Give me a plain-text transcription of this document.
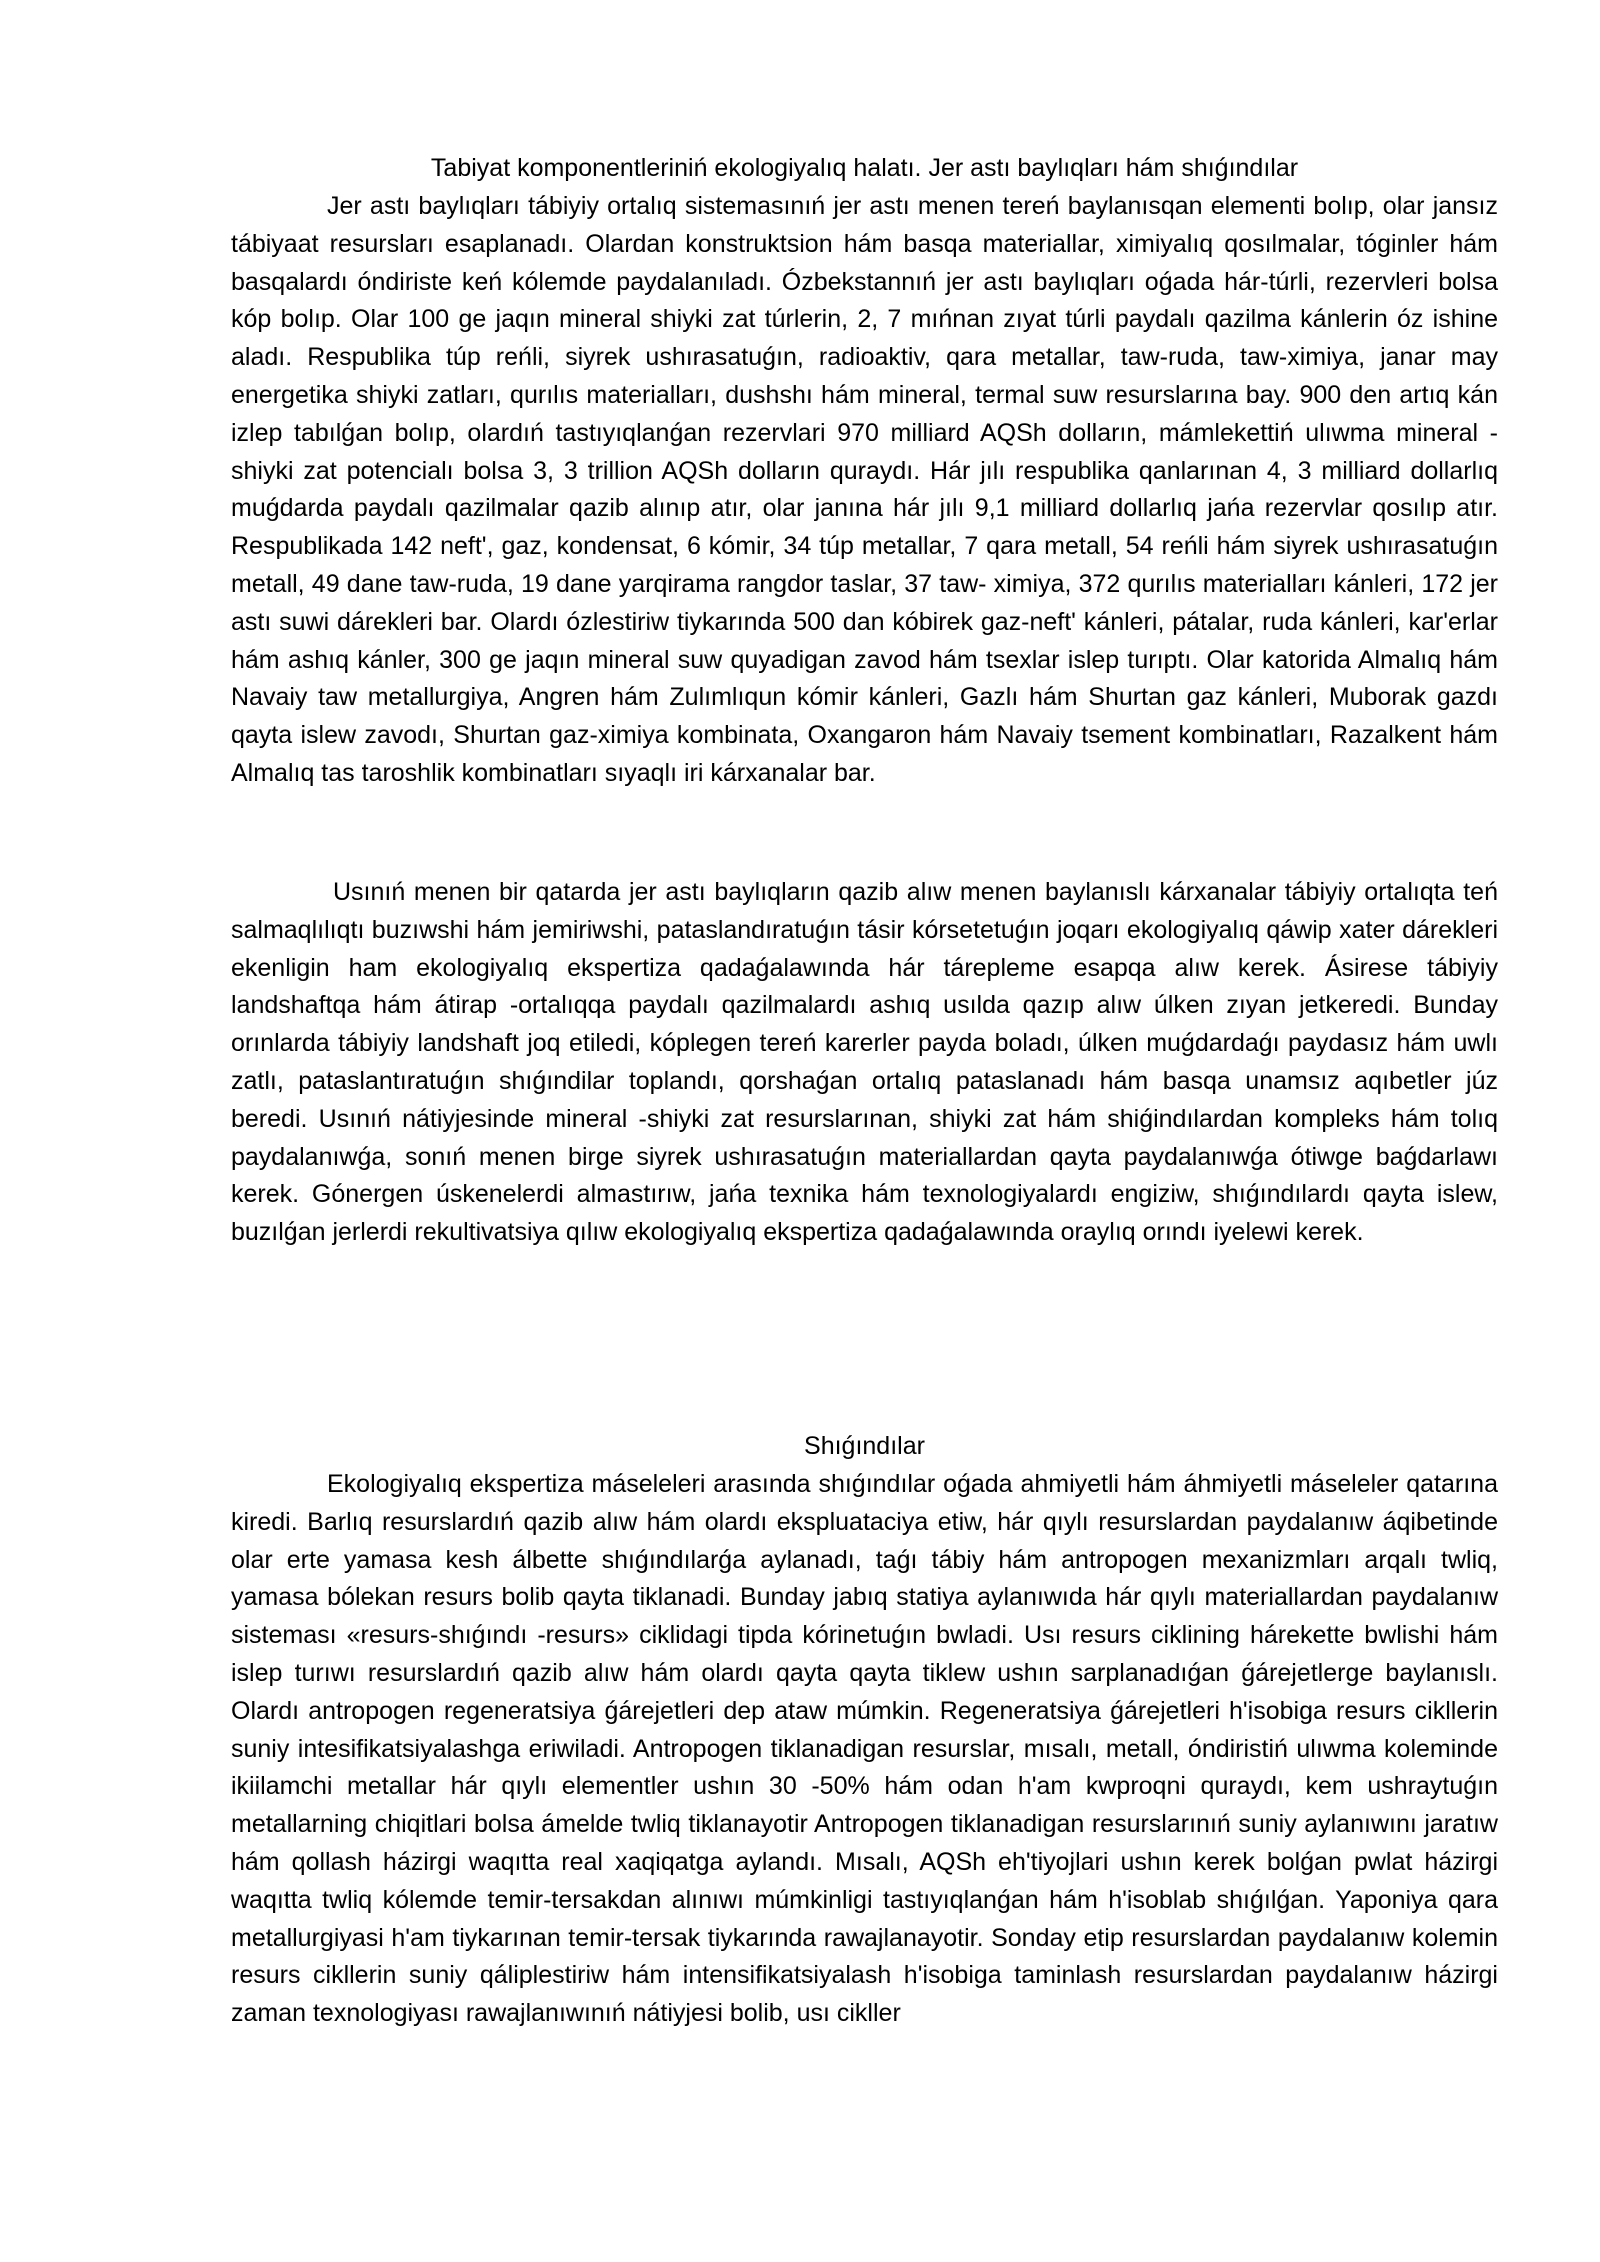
Tabiyat komponentleriniń ekologiyalıq halatı. Jer astı baylıqları hám shıǵındılar

Jer astı baylıqları tábiyiy ortalıq sistemasınıń jer astı menen tereń baylanısqan elementi bolıp, olar jansız tábiyaat resursları esaplanadı. Olardan konstruktsion hám basqa materiallar, ximiyalıq qosılmalar, tóginler hám basqalardı óndiriste keń kólemde paydalanıladı. Ózbekstannıń jer astı baylıqları oǵada hár-túrli, rezervleri bolsa kóp bolıp. Olar 100 ge jaqın mineral shiyki zat túrlerin, 2, 7 mıńnan zıyat túrli paydalı qazilma kánlerin óz ishine aladı. Respublika túp reńli, siyrek ushırasatuǵın, radioaktiv, qara metallar, taw-ruda, taw-ximiya, janar may energetika shiyki zatları, qurılıs materialları, dushshı hám mineral, termal suw resurslarına bay. 900 den artıq kán izlep tabılǵan bolıp, olardıń tastıyıqlanǵan rezervlari 970 milliard AQSh dolların, mámlekettiń ulıwma mineral -shiyki zat potencialı bolsa 3, 3 trillion AQSh dolların quraydı. Hár jılı respublika qanlarınan 4, 3 milliard dollarlıq muǵdarda paydalı qazilmalar qazib alınıp atır, olar janına hár jılı 9,1 milliard dollarlıq jańa rezervlar qosılıp atır. Respublikada 142 neft', gaz, kondensat, 6 kómir, 34 túp metallar, 7 qara metall, 54 reńli hám siyrek ushırasatuǵın metall, 49 dane taw-ruda, 19 dane yarqirama rangdor taslar, 37 taw- ximiya, 372 qurılıs materialları kánleri, 172 jer astı suwi dárekleri bar. Olardı ózlestiriw tiykarında 500 dan kóbirek gaz-neft' kánleri, pátalar, ruda kánleri, kar'erlar hám ashıq kánler, 300 ge jaqın mineral suw quyadigan zavod hám tsexlar islep turıptı. Olar katorida Almalıq hám Navaiy taw metallurgiya, Angren hám Zulımlıqun kómir kánleri, Gazlı hám Shurtan gaz kánleri, Muborak gazdı qayta islew zavodı, Shurtan gaz-ximiya kombinata, Oxangaron hám Navaiy tsement kombinatları, Razalkent hám Almalıq tas taroshlik kombinatları sıyaqlı iri kárxanalar bar.

Usınıń menen bir qatarda jer astı baylıqların qazib alıw menen baylanıslı kárxanalar tábiyiy ortalıqta teń salmaqlılıqtı buzıwshi hám jemiriwshi, pataslandıratuǵın tásir kórsetetuǵın joqarı ekologiyalıq qáwip xater dárekleri ekenligin ham ekologiyalıq ekspertiza qadaǵalawında hár tárepleme esapqa alıw kerek. Ásirese tábiyiy landshaftqa hám átirap -ortalıqqa paydalı qazilmalardı ashıq usılda qazıp alıw úlken zıyan jetkeredi. Bunday orınlarda tábiyiy landshaft joq etiledi, kóplegen tereń karerler payda boladı, úlken muǵdardaǵı paydasız hám uwlı zatlı, pataslantıratuǵın shıǵındilar toplandı, qorshaǵan ortalıq pataslanadı hám basqa unamsız aqıbetler júz beredi. Usınıń nátiyjesinde mineral -shiyki zat resurslarınan, shiyki zat hám shiǵindılardan kompleks hám tolıq paydalanıwǵa, sonıń menen birge siyrek ushırasatuǵın materiallardan qayta paydalanıwǵa ótiwge baǵdarlawı kerek. Gónergen úskenelerdi almastırıw, jańa texnika hám texnologiyalardı engiziw, shıǵındılardı qayta islew, buzılǵan jerlerdi rekultivatsiya qılıw ekologiyalıq ekspertiza qadaǵalawında oraylıq orındı iyelewi kerek.

Shıǵındılar

Ekologiyalıq ekspertiza máseleleri arasında shıǵındılar oǵada ahmiyetli hám áhmiyetli máseleler qatarına kiredi. Barlıq resurslardıń qazib alıw hám olardı ekspluataciya etiw, hár qıylı resurslardan paydalanıw áqibetinde olar erte yamasa kesh álbette shıǵındılarǵa aylanadı, taǵı tábiy hám antropogen mexanizmları arqalı twliq, yamasa bólekan resurs bolib qayta tiklanadi. Bunday jabıq statiya aylanıwıda hár qıylı materiallardan paydalanıw sisteması «resurs-shıǵındı -resurs» ciklidagi tipda kórinetuǵın bwladi. Usı resurs ciklining hárekette bwlishi hám islep turıwı resurslardıń qazib alıw hám olardı qayta qayta tiklew ushın sarplanadıǵan ǵárejetlerge baylanıslı. Olardı antropogen regeneratsiya ǵárejetleri dep ataw múmkin. Regeneratsiya ǵárejetleri h'isobiga resurs cikllerin suniy intesifikatsiyalashga eriwiladi. Antropogen tiklanadigan resurslar, mısalı, metall, óndiristiń ulıwma koleminde ikiilamchi metallar hár qıylı elementler ushın 30 -50% hám odan h'am kwproqni quraydı, kem ushraytuǵın metallarning chiqitlari bolsa ámelde twliq tiklanayotir Antropogen tiklanadigan resurslarınıń suniy aylanıwını jaratıw hám qollash házirgi waqıtta real xaqiqatga aylandı. Mısalı, AQSh eh'tiyojlari ushın kerek bolǵan pwlat házirgi waqıtta twliq kólemde temir-tersakdan alınıwı múmkinligi tastıyıqlanǵan hám h'isoblab shıǵılǵan. Yaponiya qara metallurgiyasi h'am tiykarınan temir-tersak tiykarında rawajlanayotir. Sonday etip resurslardan paydalanıw kolemin resurs cikllerin suniy qáliplestiriw hám intensifikatsiyalash h'isobiga taminlash resurslardan paydalanıw házirgi zaman texnologiyası rawajlanıwınıń nátiyjesi bolib, usı cikller
